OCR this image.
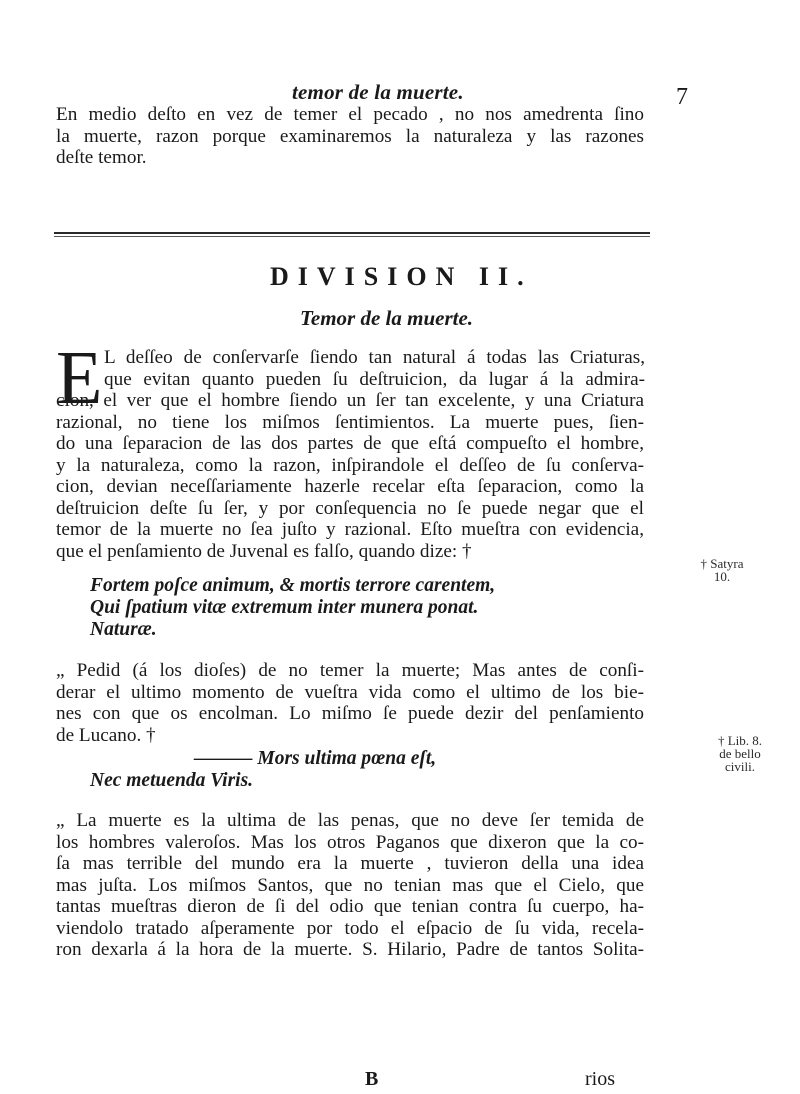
temor de la muerte.	7
En medio deſto en vez de temer el pecado , no nos amedrenta ſino
la muerte, razon porque examinaremos la naturaleza y las razones
deſte temor.
DIVISION II.
Temor de la muerte.
E L deſſeo de conſervarſe ſiendo tan natural á todas las Criaturas,
que evitan quanto pueden ſu deſtruicion, da lugar á la admira-
cion, el ver que el hombre ſiendo un ſer tan excelente, y una Criatura
razional, no tiene los miſmos ſentimientos. La muerte pues, ſien-
do una ſeparacion de las dos partes de que eſtá compueſto el hombre,
y la naturaleza, como la razon, inſpirandole el deſſeo de ſu conſerva-
cion, devian neceſſariamente hazerle recelar eſta ſeparacion, como la
deſtruicion deſte ſu ſer, y por conſequencia no ſe puede negar que el
temor de la muerte no ſea juſto y razional. Eſto mueſtra con evidencia,
que el penſamiento de Juvenal es falſo, quando dize: †
† Satyra
10.
Fortem poſce animum, & mortis terrore carentem,
Qui ſpatium vitæ extremum inter munera ponat.
Naturæ.
„ Pedid (á los dioſes) de no temer la muerte; Mas antes de conſi-
derar el ultimo momento de vueſtra vida como el ultimo de los bie-
nes con que os encolman. Lo miſmo ſe puede dezir del penſamiento
de Lucano. †	† Lib. 8.
de bello
civili.
——— Mors ultima pœna eſt,
Nec metuenda Viris.
„ La muerte es la ultima de las penas, que no deve ſer temida de
los hombres valeroſos. Mas los otros Paganos que dixeron que la co-
ſa mas terrible del mundo era la muerte , tuvieron della una idea
mas juſta. Los miſmos Santos, que no tenian mas que el Cielo, que
tantas mueſtras dieron de ſi del odio que tenian contra ſu cuerpo, ha-
viendolo tratado aſperamente por todo el eſpacio de ſu vida, recela-
ron dexarla á la hora de la muerte. S. Hilario, Padre de tantos Solita-
B	rios
